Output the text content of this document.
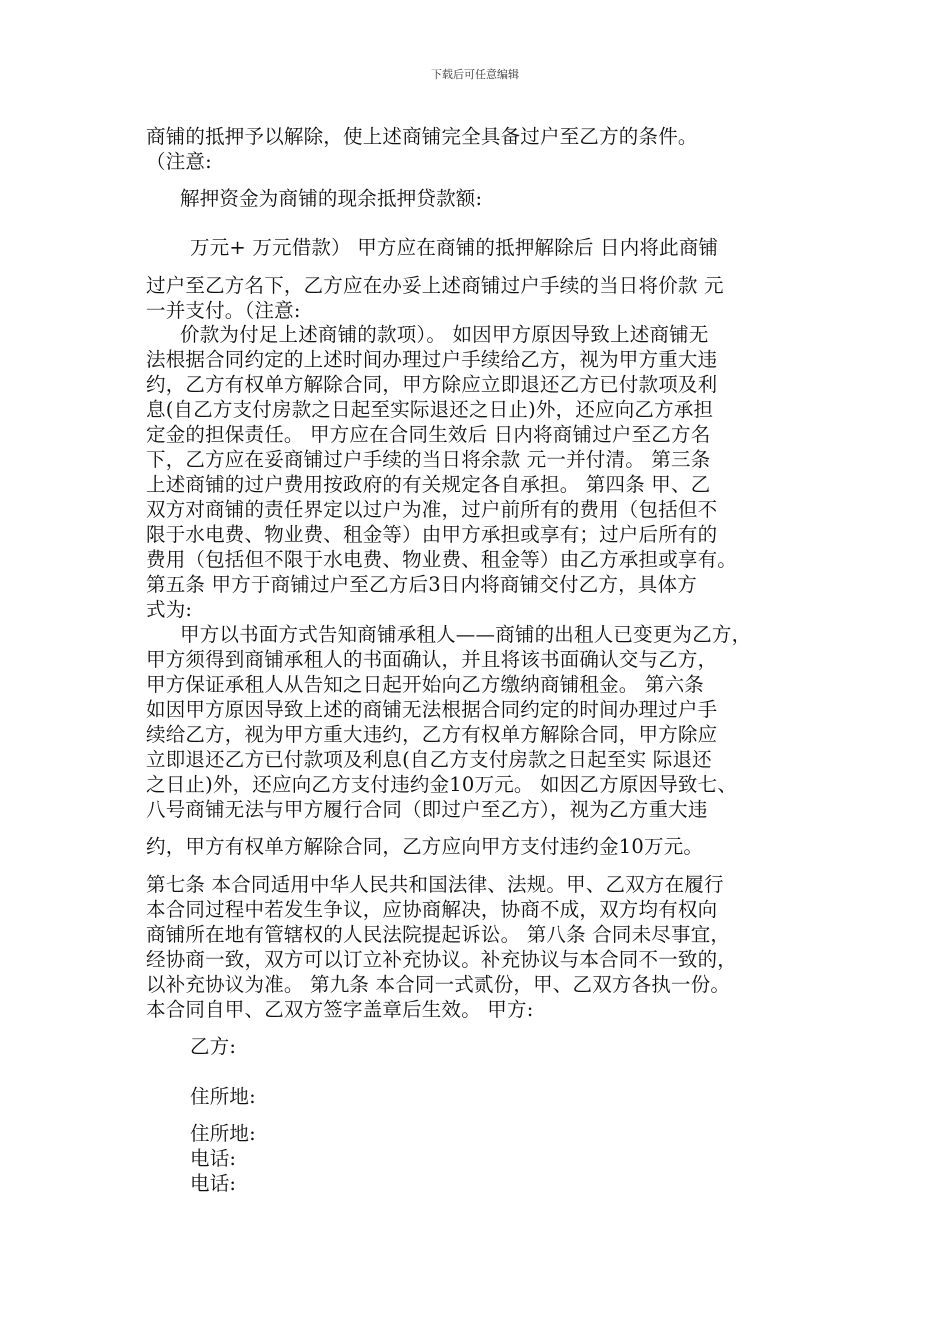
下载后可任意编辑
商铺的抵押予以解除，使上述商铺完全具备过户至乙方的条件。
（注意:
解押资金为商铺的现余抵押贷款额:
万元+ 万元借款） 甲方应在商铺的抵押解除后 日内将此商铺
过户至乙方名下，乙方应在办妥上述商铺过户手续的当日将价款 元
一并支付。（注意:
价款为付足上述商铺的款项）。 如因甲方原因导致上述商铺无
法根据合同约定的上述时间办理过户手续给乙方，视为甲方重大违
约，乙方有权单方解除合同，甲方除应立即退还乙方已付款项及利
息(自乙方支付房款之日起至实际退还之日止)外，还应向乙方承担
定金的担保责任。 甲方应在合同生效后 日内将商铺过户至乙方名
下，乙方应在妥商铺过户手续的当日将余款 元一并付清。 第三条
上述商铺的过户费用按政府的有关规定各自承担。 第四条 甲、乙
双方对商铺的责任界定以过户为准，过户前所有的费用（包括但不
限于水电费、物业费、租金等）由甲方承担或享有；过户后所有的
费用（包括但不限于水电费、物业费、租金等）由乙方承担或享有。
第五条 甲方于商铺过户至乙方后3日内将商铺交付乙方，具体方
式为:
甲方以书面方式告知商铺承租人——商铺的出租人已变更为乙方，
甲方须得到商铺承租人的书面确认，并且将该书面确认交与乙方，
甲方保证承租人从告知之日起开始向乙方缴纳商铺租金。 第六条
如因甲方原因导致上述的商铺无法根据合同约定的时间办理过户手
续给乙方，视为甲方重大违约，乙方有权单方解除合同，甲方除应
立即退还乙方已付款项及利息(自乙方支付房款之日起至实 际退还
之日止)外，还应向乙方支付违约金10万元。 如因乙方原因导致七、
八号商铺无法与甲方履行合同（即过户至乙方），视为乙方重大违
约，甲方有权单方解除合同，乙方应向甲方支付违约金10万元。
第七条 本合同适用中华人民共和国法律、法规。甲、乙双方在履行
本合同过程中若发生争议，应协商解决，协商不成，双方均有权向
商铺所在地有管辖权的人民法院提起诉讼。 第八条 合同未尽事宜，
经协商一致，双方可以订立补充协议。补充协议与本合同不一致的，
以补充协议为准。 第九条 本合同一式贰份，甲、乙双方各执一份。
本合同自甲、乙双方签字盖章后生效。 甲方:
乙方:
住所地:
住所地:
电话:
电话:
